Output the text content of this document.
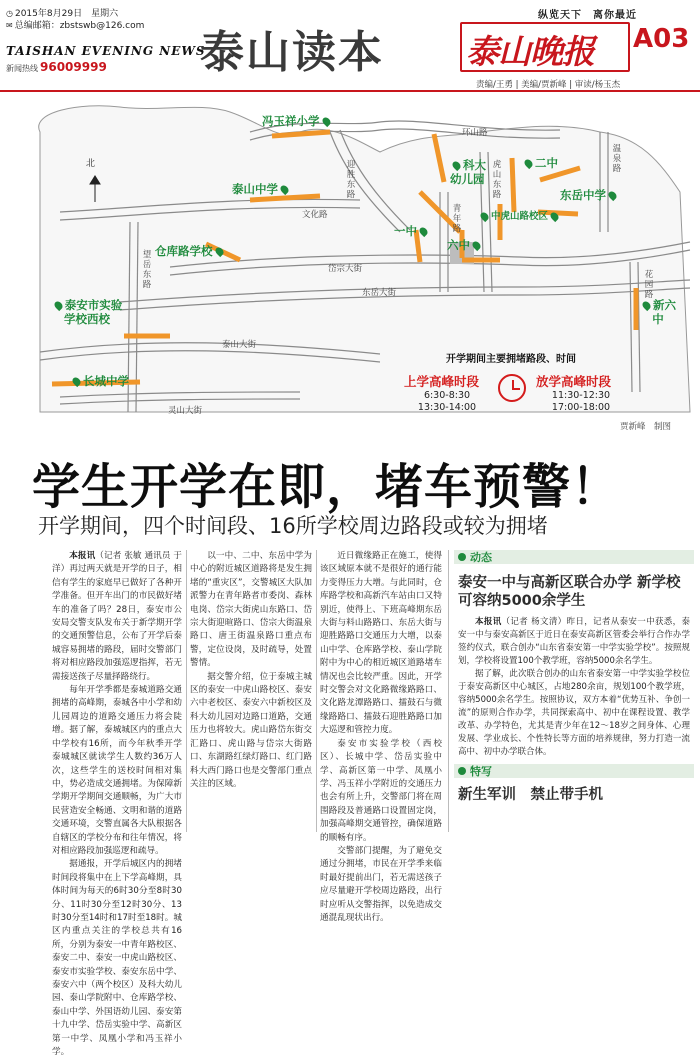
◷ 2015年8月29日　星期六
✉ 总编邮箱：zbstswb@126.com
TAISHAN EVENING NEWS
新闻热线 96009999 泰山读本
纵览天下　离你最近
泰山晚报 A03
责编/王勇 | 美编/贾新峰 | 审读/杨玉杰
北
冯玉祥小学
科大幼儿园
二中
泰山中学	东岳中学
中虎山路校区
一中
六中
仓库路学校
泰安市实验学校西校
新六中
长城中学
环山路
迎胜东路
文化路
虎山东路
温泉路
青年路
岱宗大街
东岳大街
望岳东路
花园路
泰山大街
灵山大街
开学期间主要拥堵路段、时间
上学高峰时段
6:30-8:30
13:30-14:00
放学高峰时段
11:30-12:30
17:00-18:00
贾新峰　制图
学生开学在即，堵车预警！
开学期间，四个时间段、16所学校周边路段或较为拥堵

本报讯（记者 张敏 通讯员 于洋）再过两天就是开学的日子，相信有学生的家庭早已做好了各种开学准备。但开车出门的市民做好堵车的准备了吗？28日，泰安市公安局交警支队发布关于新学期开学的交通预警信息，公布了开学后泰城容易拥堵的路段，届时交警部门将对相应路段加强巡逻指挥，若无需接送孩子尽量择路绕行。

每年开学季都是泰城道路交通拥堵的高峰期，泰城各中小学和幼儿园周边的道路交通压力将会陡增。据了解，泰城城区内的重点大中学校有16所，而今年秋季开学泰城城区就读学生人数约36万人次，这些学生的送校时间相对集中，势必造成交通拥堵。为保障新学期开学期间交通顺畅，为广大市民营造安全畅通、文明和谐的道路交通环境，交警直属各大队根据各自辖区的学校分布和往年情况，将对相应路段加强巡逻和疏导。

据通报，开学后城区内的拥堵时间段将集中在上下学高峰期，具体时间为每天的6时30分至8时30分、11时30分至12时30分、13时30分至14时和17时至18时。城区内重点关注的学校总共有16所，分别为泰安一中青年路校区、泰安二中、泰安一中虎山路校区、泰安市实验学校、泰安东岳中学、泰安六中（两个校区）及科大幼儿园、泰山学院附中、仓库路学校、泰山中学、外国语幼儿园、泰安第十九中学、岱岳实验中学、高新区第一中学、凤凰小学和冯玉祥小学。

以一中、二中、东岳中学为中心的附近城区道路将是发生拥堵的“重灾区”，交警城区大队加派警力在青年路者市委岗、森林电岗、岱宗大街虎山东路口、岱宗大街迎暄路口、岱宗大街温泉路口、唐王街温泉路口重点布警，定位设岗，及时疏导，处置警情。

据交警介绍，位于泰城主城区的泰安一中虎山路校区、泰安六中老校区、泰安六中新校区及科大幼儿园对边路口道路，交通压力也将较大。虎山路岱东街交汇路口、虎山路与岱宗大街路口、东湖路红绿灯路口、红门路科大西门路口也是交警部门重点关注的区域。

近日微缘路正在施工，使得该区域原本就不是很好的通行能力变得压力大增。与此同时，仓库路学校和高新汽车站由口又特别近，使得上、下班高峰期东岳大街与料山路路口、东岳大街与迎胜路路口交通压力大增，以泰山中学、仓库路学校、泰山学院附中为中心的相近城区道路堵车情况也会比较严重。因此，开学时交警会对文化路微缘路路口、文化路龙潭路路口、擂鼓石与微缘路路口、擂鼓石迎胜路路口加大巡逻和管控力度。

泰安市实验学校（西校区）、长城中学、岱岳实验中学、高新区第一中学、凤凰小学、冯玉祥小学附近的交通压力也会有所上升，交警部门将在周围路段及普通路口设置固定岗，加强高峰期交通管控，确保道路的顺畅有序。

交警部门提醒，为了避免交通过分拥堵，市民在开学季来临时最好提前出门，若无需送孩子应尽量避开学校周边路段，出行时应听从交警指挥，以免造成交通混乱现状出行。

动态
泰安一中与高新区联合办学 新学校可容纳5000余学生

本报讯（记者 杨文清）昨日，记者从泰安一中获悉，泰安一中与泰安高新区于近日在泰安高新区管委会举行合作办学签约仪式，联合创办“山东省泰安第一中学实验学校”。按照规划，学校将设置100个教学班，容纳5000余名学生。

据了解，此次联合创办的山东省泰安第一中学实验学校位于泰安高新区中心城区，占地280余亩，规划100个教学班，容纳5000余名学生。按照协议，双方本着“优势互补、争创一流”的原则合作办学，共同探索高中、初中在课程设置、教学改革、办学特色，尤其是青少年在12～18岁之间身体、心理发展、学业成长、个性特长等方面的培养规律，努力打造一流高中、初中办学联合体。

特写
新生军训　禁止带手机
